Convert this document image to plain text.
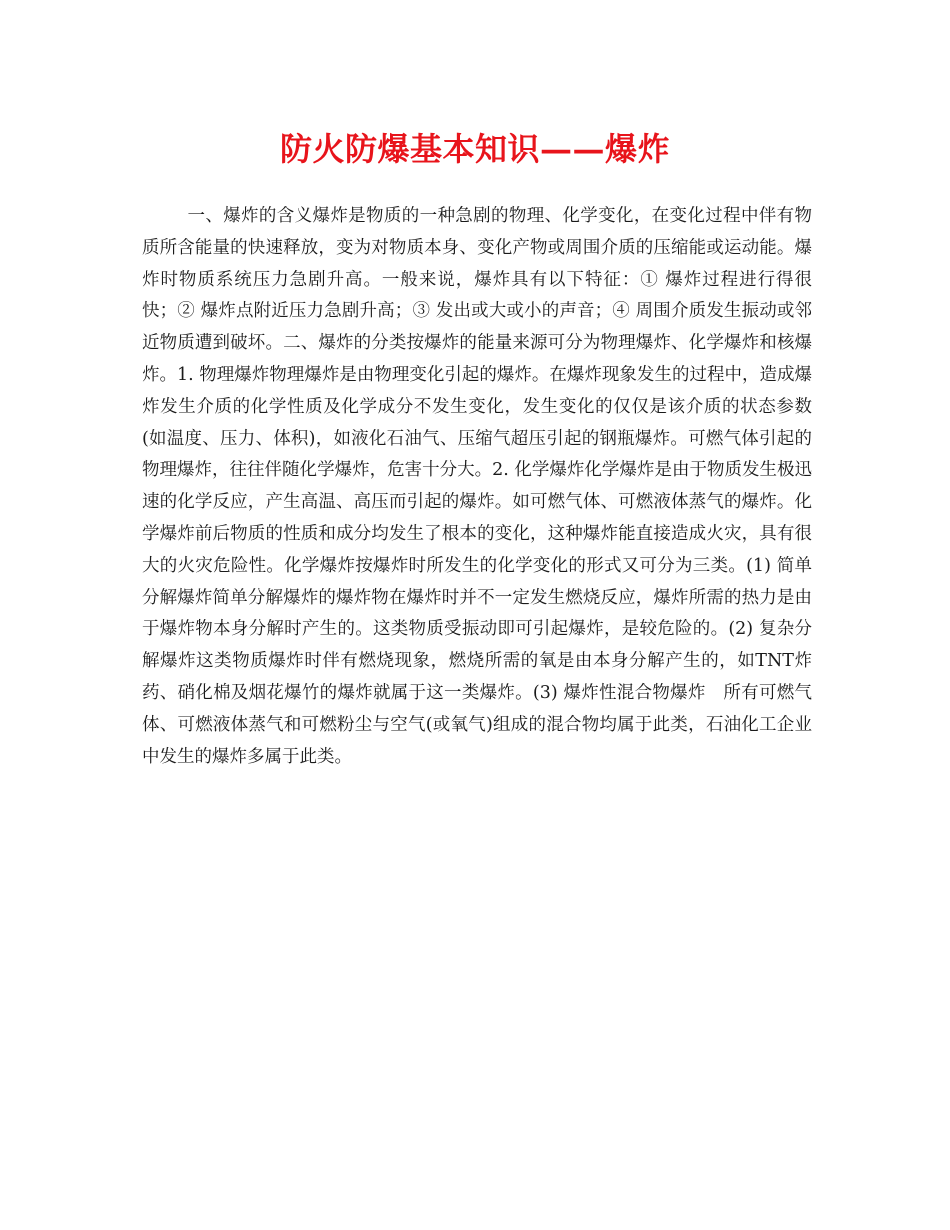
防火防爆基本知识——爆炸

一、爆炸的含义爆炸是物质的一种急剧的物理、化学变化，在变化过程中伴有物质所含能量的快速释放，变为对物质本身、变化产物或周围介质的压缩能或运动能。爆炸时物质系统压力急剧升高。一般来说，爆炸具有以下特征：① 爆炸过程进行得很快；② 爆炸点附近压力急剧升高；③ 发出或大或小的声音；④ 周围介质发生振动或邻近物质遭到破坏。二、爆炸的分类按爆炸的能量来源可分为物理爆炸、化学爆炸和核爆炸。1. 物理爆炸物理爆炸是由物理变化引起的爆炸。在爆炸现象发生的过程中，造成爆炸发生介质的化学性质及化学成分不发生变化，发生变化的仅仅是该介质的状态参数(如温度、压力、体积)，如液化石油气、压缩气超压引起的钢瓶爆炸。可燃气体引起的物理爆炸，往往伴随化学爆炸，危害十分大。2. 化学爆炸化学爆炸是由于物质发生极迅速的化学反应，产生高温、高压而引起的爆炸。如可燃气体、可燃液体蒸气的爆炸。化学爆炸前后物质的性质和成分均发生了根本的变化，这种爆炸能直接造成火灾，具有很大的火灾危险性。化学爆炸按爆炸时所发生的化学变化的形式又可分为三类。(1) 简单分解爆炸简单分解爆炸的爆炸物在爆炸时并不一定发生燃烧反应，爆炸所需的热力是由于爆炸物本身分解时产生的。这类物质受振动即可引起爆炸，是较危险的。(2) 复杂分解爆炸这类物质爆炸时伴有燃烧现象，燃烧所需的氧是由本身分解产生的，如TNT炸药、硝化棉及烟花爆竹的爆炸就属于这一类爆炸。(3) 爆炸性混合物爆炸　所有可燃气体、可燃液体蒸气和可燃粉尘与空气(或氧气)组成的混合物均属于此类，石油化工企业中发生的爆炸多属于此类。
